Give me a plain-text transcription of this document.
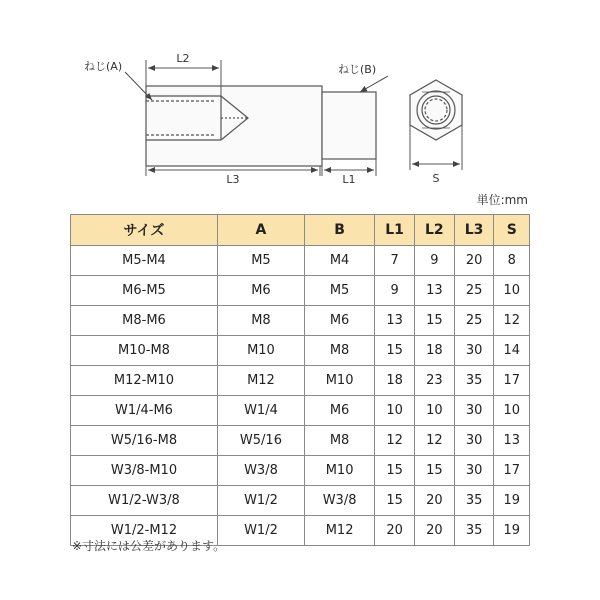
ねじ(A)	ねじ(B)
L2
L3	L1	S
単位:mm
サイズ	A	B	L1	L2	L3	S
M5-M4	M5	M4	7	9	20	8
M6-M5	M6	M5	9	13	25	10
M8-M6	M8	M6	13	15	25	12
M10-M8	M10	M8	15	18	30	14
M12-M10	M12	M10	18	23	35	17
W1/4-M6	W1/4	M6	10	10	30	10
W5/16-M8	W5/16	M8	12	12	30	13
W3/8-M10	W3/8	M10	15	15	30	17
W1/2-W3/8	W1/2	W3/8	15	20	35	19
W1/2-M12	W1/2	M12	20	20	35	19
※寸法には公差があります。
